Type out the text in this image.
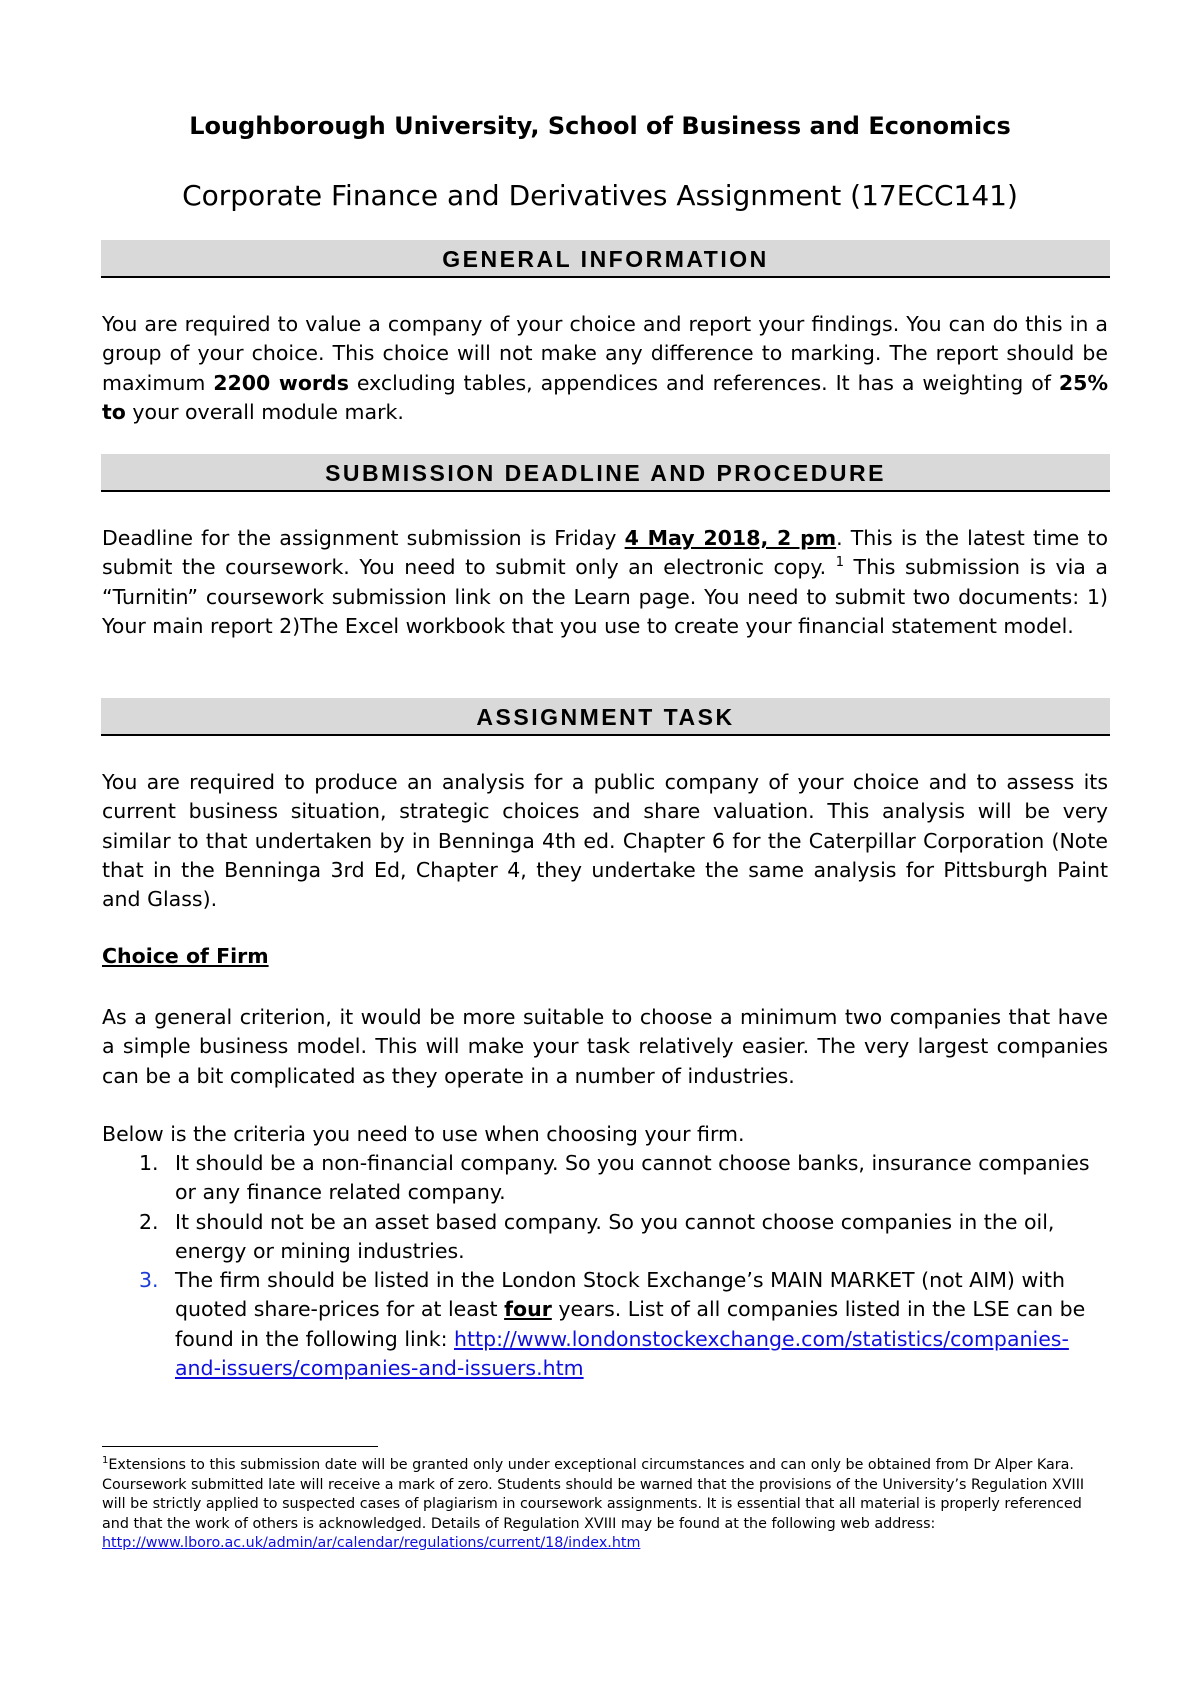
Loughborough University, School of Business and Economics
Corporate Finance and Derivatives Assignment (17ECC141)
GENERAL INFORMATION
You are required to value a company of your choice and report your findings. You can do this in a group of your choice. This choice will not make any difference to marking. The report should be maximum 2200 words excluding tables, appendices and references. It has a weighting of 25% to your overall module mark.
SUBMISSION DEADLINE AND PROCEDURE
Deadline for the assignment submission is Friday 4 May 2018, 2 pm. This is the latest time to submit the coursework. You need to submit only an electronic copy. $^1$ This submission is via a “Turnitin” coursework submission link on the Learn page. You need to submit two documents: 1) Your main report 2)The Excel workbook that you use to create your financial statement model.
ASSIGNMENT TASK
You are required to produce an analysis for a public company of your choice and to assess its current business situation, strategic choices and share valuation. This analysis will be very similar to that undertaken by in Benninga 4th ed. Chapter 6 for the Caterpillar Corporation (Note that in the Benninga 3rd Ed, Chapter 4, they undertake the same analysis for Pittsburgh Paint and Glass).
Choice of Firm
As a general criterion, it would be more suitable to choose a minimum two companies that have a simple business model. This will make your task relatively easier. The very largest companies can be a bit complicated as they operate in a number of industries.
Below is the criteria you need to use when choosing your firm.
1. It should be a non-financial company. So you cannot choose banks, insurance companies or any finance related company.
2. It should not be an asset based company. So you cannot choose companies in the oil, energy or mining industries.
3. The firm should be listed in the London Stock Exchange’s MAIN MARKET (not AIM) with quoted share-prices for at least four years. List of all companies listed in the LSE can be found in the following link: http://www.londonstockexchange.com/statistics/companies-and-issuers/companies-and-issuers.htm
$^1$Extensions to this submission date will be granted only under exceptional circumstances and can only be obtained from Dr Alper Kara. Coursework submitted late will receive a mark of zero. Students should be warned that the provisions of the University’s Regulation XVIII will be strictly applied to suspected cases of plagiarism in coursework assignments. It is essential that all material is properly referenced and that the work of others is acknowledged. Details of Regulation XVIII may be found at the following web address:
http://www.lboro.ac.uk/admin/ar/calendar/regulations/current/18/index.htm
